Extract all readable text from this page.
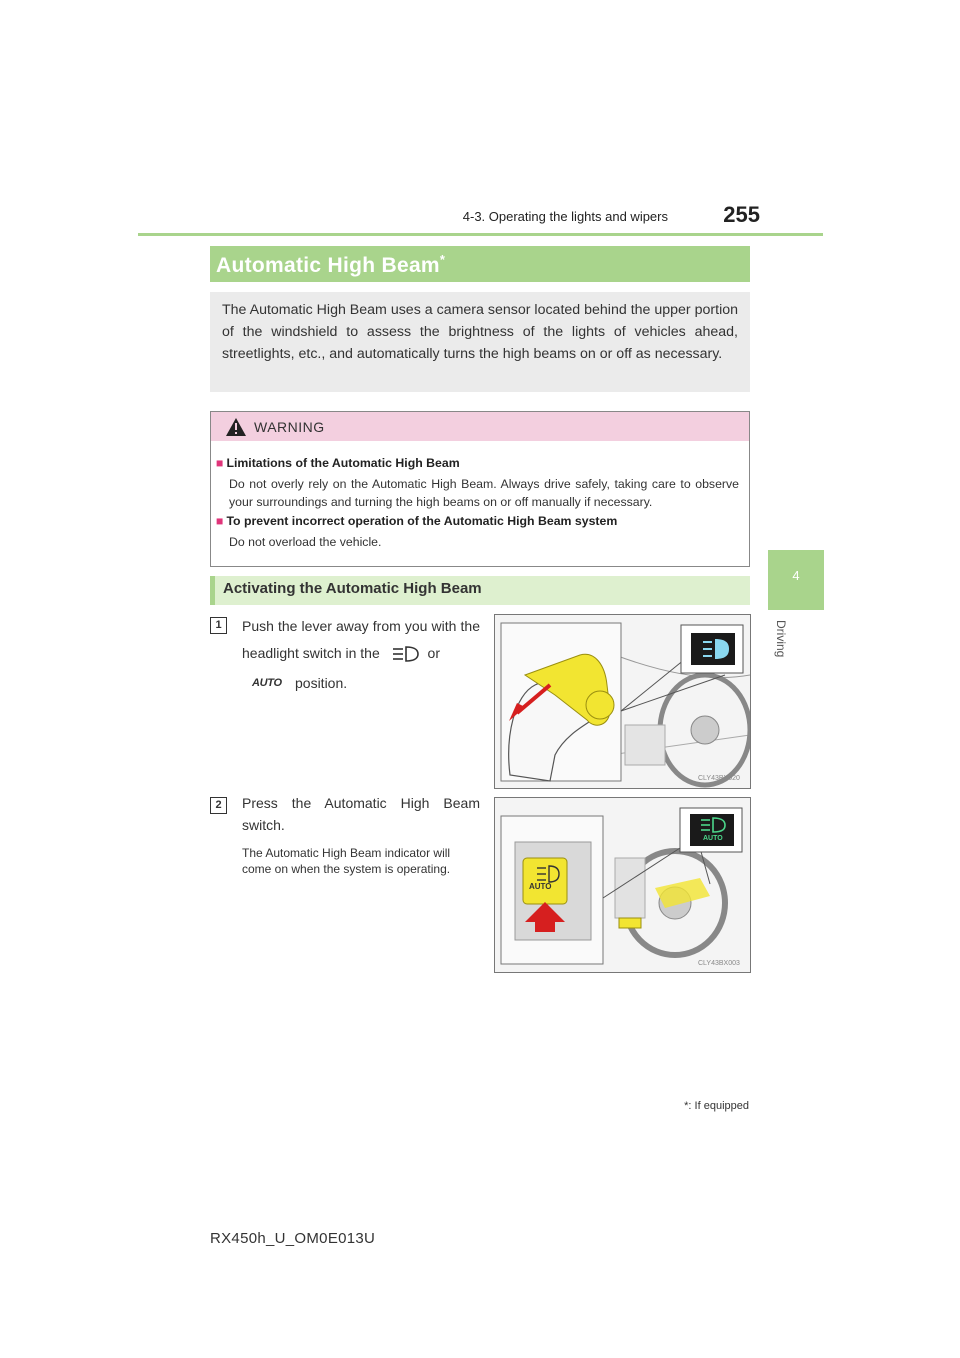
4-3. Operating the lights and wipers	255
4
Driving
Automatic High Beam*
The Automatic High Beam uses a camera sensor located behind the upper portion of the windshield to assess the brightness of the lights of vehicles ahead, streetlights, etc., and automatically turns the high beams on or off as necessary.
WARNING
■ Limitations of the Automatic High Beam
Do not overly rely on the Automatic High Beam. Always drive safely, taking care to observe your surroundings and turning the high beams on or off manually if necessary.
■ To prevent incorrect operation of the Automatic High Beam system
Do not overload the vehicle.
Activating the Automatic High Beam
1	Push the lever away from you with the headlight switch in the	or
AUTO position.
CLY43BX020
2	Press the Automatic High Beam switch.
The Automatic High Beam indicator will come on when the system is operating.
AUTO
AUTO
CLY43BX003
*: If equipped
RX450h_U_OM0E013U
